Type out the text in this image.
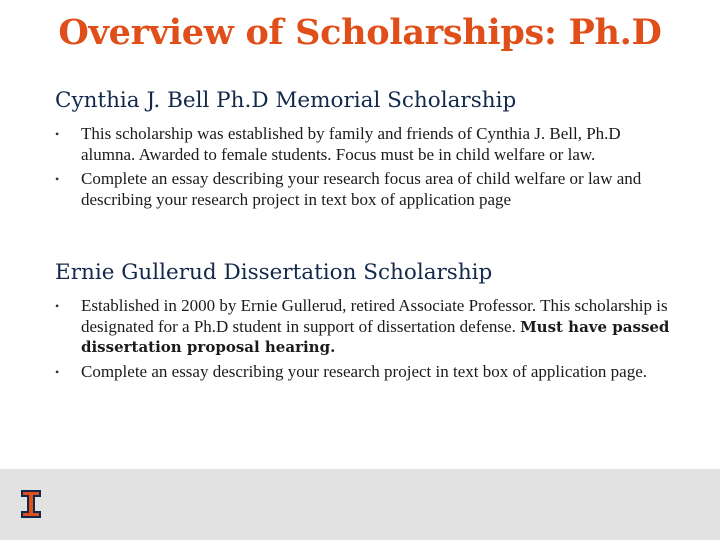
Overview of Scholarships: Ph.D
Cynthia J. Bell Ph.D Memorial Scholarship
• This scholarship was established by family and friends of Cynthia J. Bell, Ph.D alumna. Awarded to female students. Focus must be in child welfare or law.
• Complete an essay describing your research focus area of child welfare or law and describing your research project in text box of application page
Ernie Gullerud Dissertation Scholarship
• Established in 2000 by Ernie Gullerud, retired Associate Professor. This scholarship is designated for a Ph.D student in support of dissertation defense. Must have passed dissertation proposal hearing.
• Complete an essay describing your research project in text box of application page.
